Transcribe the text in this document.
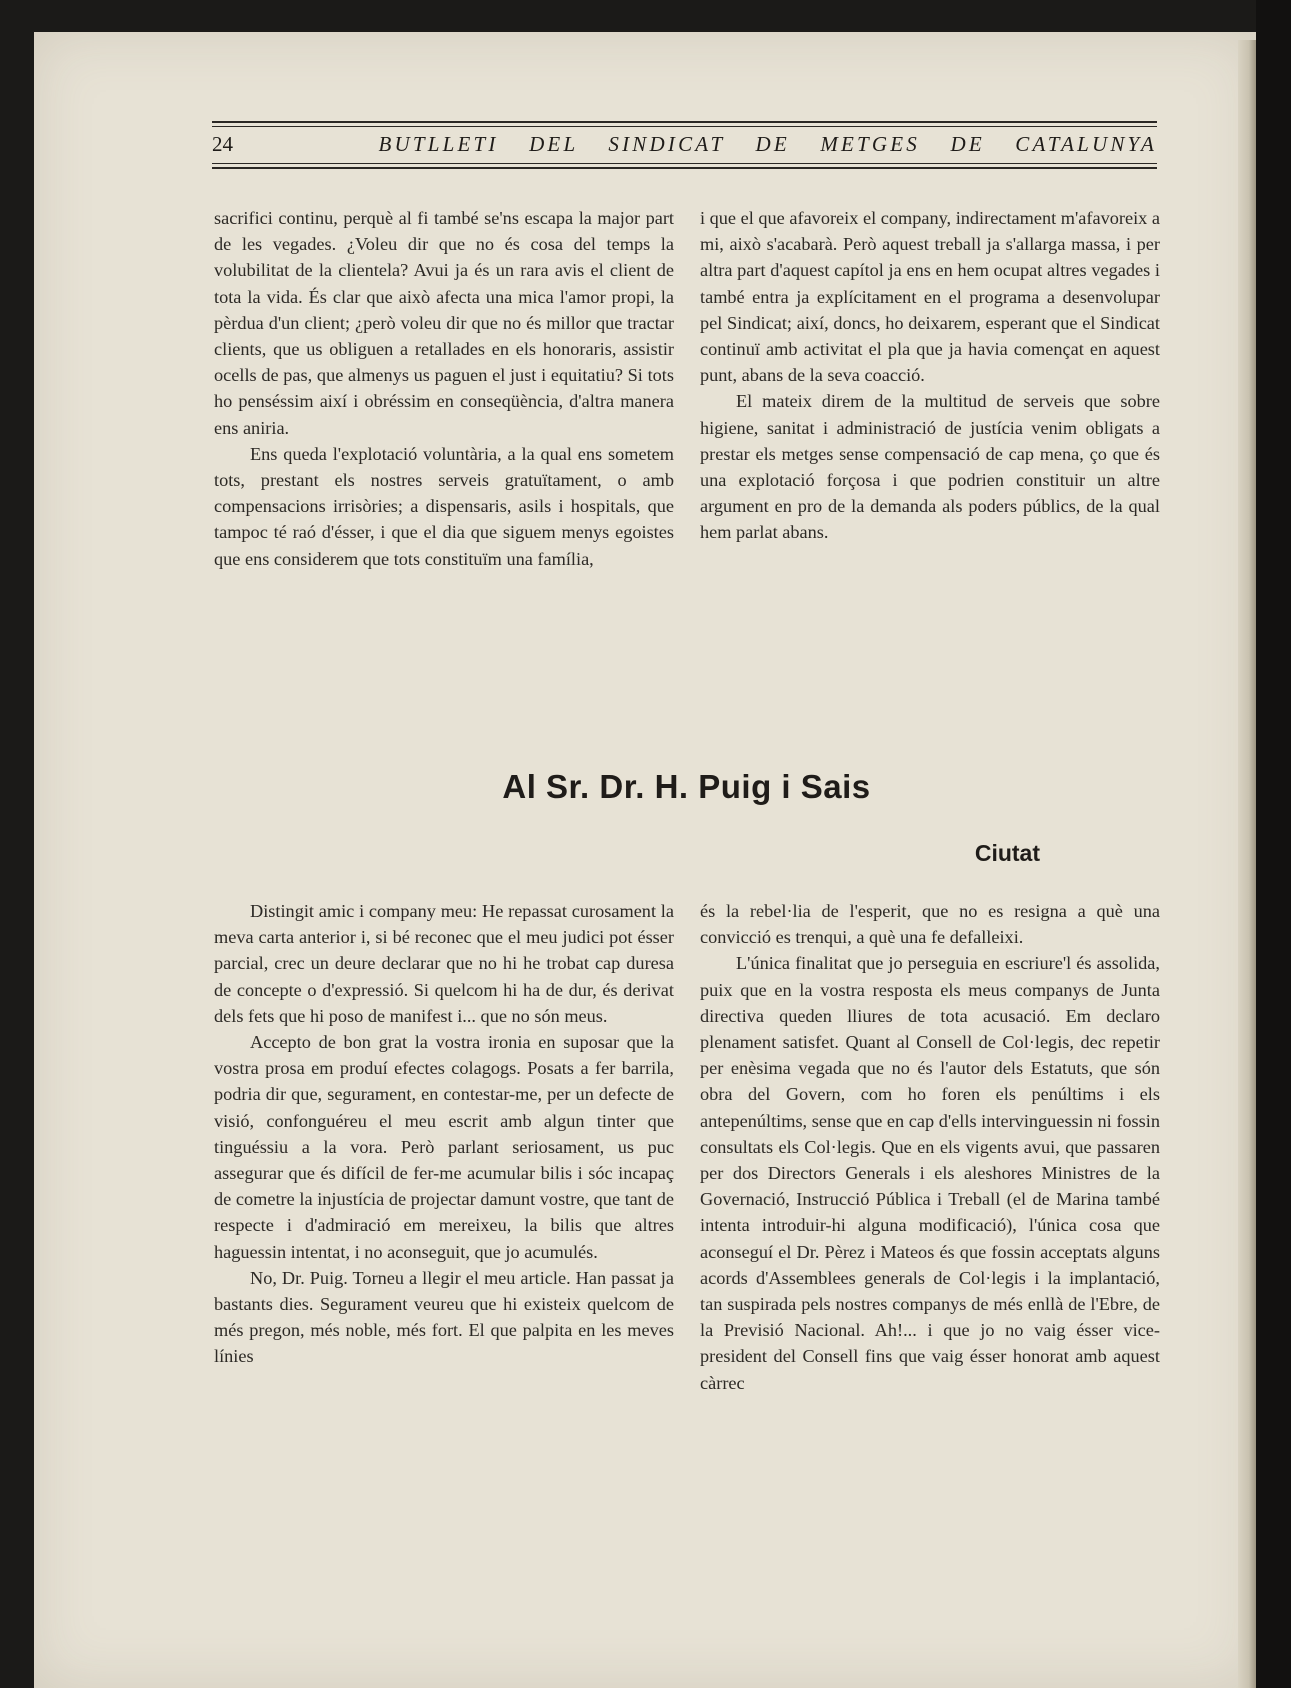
24	BUTLLETI DEL SINDICAT DE METGES DE CATALUNYA

sacrifici continu, perquè al fi també se'ns escapa la major part de les vegades. ¿Voleu dir que no és cosa del temps la volubilitat de la clientela? Avui ja és un rara avis el client de tota la vida. És clar que això afecta una mica l'amor propi, la pèrdua d'un client; ¿però voleu dir que no és millor que tractar clients, que us obliguen a retallades en els honoraris, assistir ocells de pas, que almenys us paguen el just i equitatiu? Si tots ho penséssim així i obréssim en conseqüència, d'altra manera ens aniria.

Ens queda l'explotació voluntària, a la qual ens sometem tots, prestant els nostres serveis gratuïtament, o amb compensacions irrisòries; a dispensaris, asils i hospitals, que tampoc té raó d'ésser, i que el dia que siguem menys egoistes que ens considerem que tots constituïm una família,

i que el que afavoreix el company, indirectament m'afavoreix a mi, això s'acabarà. Però aquest treball ja s'allarga massa, i per altra part d'aquest capítol ja ens en hem ocupat altres vegades i també entra ja explícitament en el programa a desenvolupar pel Sindicat; així, doncs, ho deixarem, esperant que el Sindicat continuï amb activitat el pla que ja havia començat en aquest punt, abans de la seva coacció.

El mateix direm de la multitud de serveis que sobre higiene, sanitat i administració de justícia venim obligats a prestar els metges sense compensació de cap mena, ço que és una explotació forçosa i que podrien constituir un altre argument en pro de la demanda als poders públics, de la qual hem parlat abans.

Al Sr. Dr. H. Puig i Sais
Ciutat

Distingit amic i company meu: He repassat curosament la meva carta anterior i, si bé reconec que el meu judici pot ésser parcial, crec un deure declarar que no hi he trobat cap duresa de concepte o d'expressió. Si quelcom hi ha de dur, és derivat dels fets que hi poso de manifest i... que no són meus.

Accepto de bon grat la vostra ironia en suposar que la vostra prosa em produí efectes colagogs. Posats a fer barrila, podria dir que, segurament, en contestar-me, per un defecte de visió, confonguéreu el meu escrit amb algun tinter que tinguéssiu a la vora. Però parlant seriosament, us puc assegurar que és difícil de fer-me acumular bilis i sóc incapaç de cometre la injustícia de projectar damunt vostre, que tant de respecte i d'admiració em mereixeu, la bilis que altres haguessin intentat, i no aconseguit, que jo acumulés.

No, Dr. Puig. Torneu a llegir el meu article. Han passat ja bastants dies. Segurament veureu que hi existeix quelcom de més pregon, més noble, més fort. El que palpita en les meves línies

és la rebel·lia de l'esperit, que no es resigna a què una convicció es trenqui, a què una fe defalleixi.

L'única finalitat que jo perseguia en escriure'l és assolida, puix que en la vostra resposta els meus companys de Junta directiva queden lliures de tota acusació. Em declaro plenament satisfet. Quant al Consell de Col·legis, dec repetir per enèsima vegada que no és l'autor dels Estatuts, que són obra del Govern, com ho foren els penúltims i els antepenúltims, sense que en cap d'ells intervinguessin ni fossin consultats els Col·legis. Que en els vigents avui, que passaren per dos Directors Generals i els aleshores Ministres de la Governació, Instrucció Pública i Treball (el de Marina també intenta introduir-hi alguna modificació), l'única cosa que aconseguí el Dr. Pèrez i Mateos és que fossin acceptats alguns acords d'Assemblees generals de Col·legis i la implantació, tan suspirada pels nostres companys de més enllà de l'Ebre, de la Previsió Nacional. Ah!... i que jo no vaig ésser vice-president del Consell fins que vaig ésser honorat amb aquest càrrec
